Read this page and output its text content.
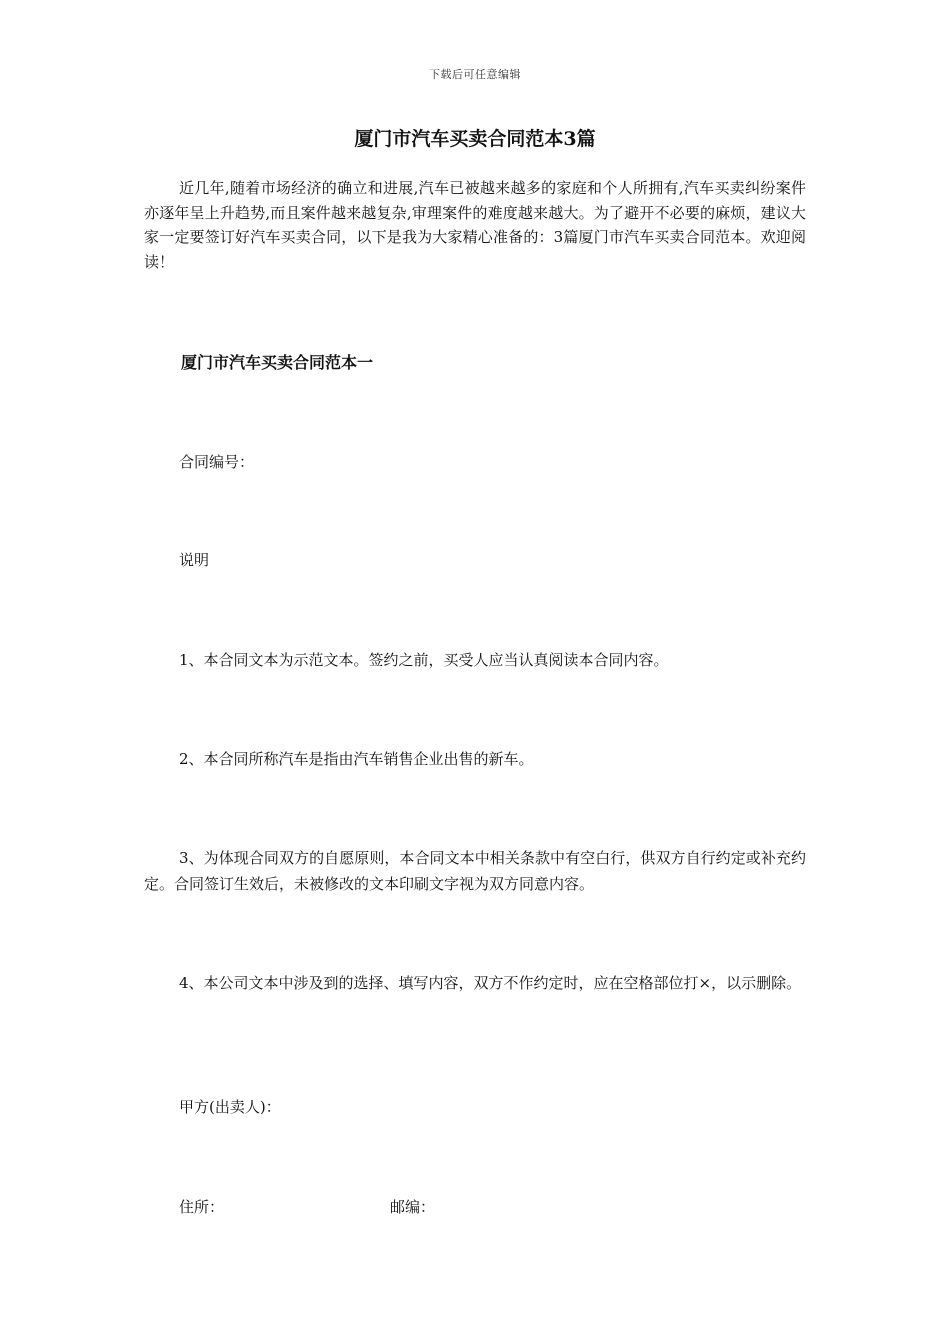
下载后可任意编辑
厦门市汽车买卖合同范本3篇

近几年,随着市场经济的确立和进展,汽车已被越来越多的家庭和个人所拥有,汽车买卖纠纷案件亦逐年呈上升趋势,而且案件越来越复杂,审理案件的难度越来越大。为了避开不必要的麻烦，建议大家一定要签订好汽车买卖合同，以下是我为大家精心准备的：3篇厦门市汽车买卖合同范本。欢迎阅读！

厦门市汽车买卖合同范本一

合同编号：

说明

1、本合同文本为示范文本。签约之前，买受人应当认真阅读本合同内容。

2、本合同所称汽车是指由汽车销售企业出售的新车。

3、为体现合同双方的自愿原则，本合同文本中相关条款中有空白行，供双方自行约定或补充约定。合同签订生效后，未被修改的文本印刷文字视为双方同意内容。

4、本公司文本中涉及到的选择、填写内容，双方不作约定时，应在空格部位打×，以示删除。

甲方(出卖人)：

住所：	邮编：
